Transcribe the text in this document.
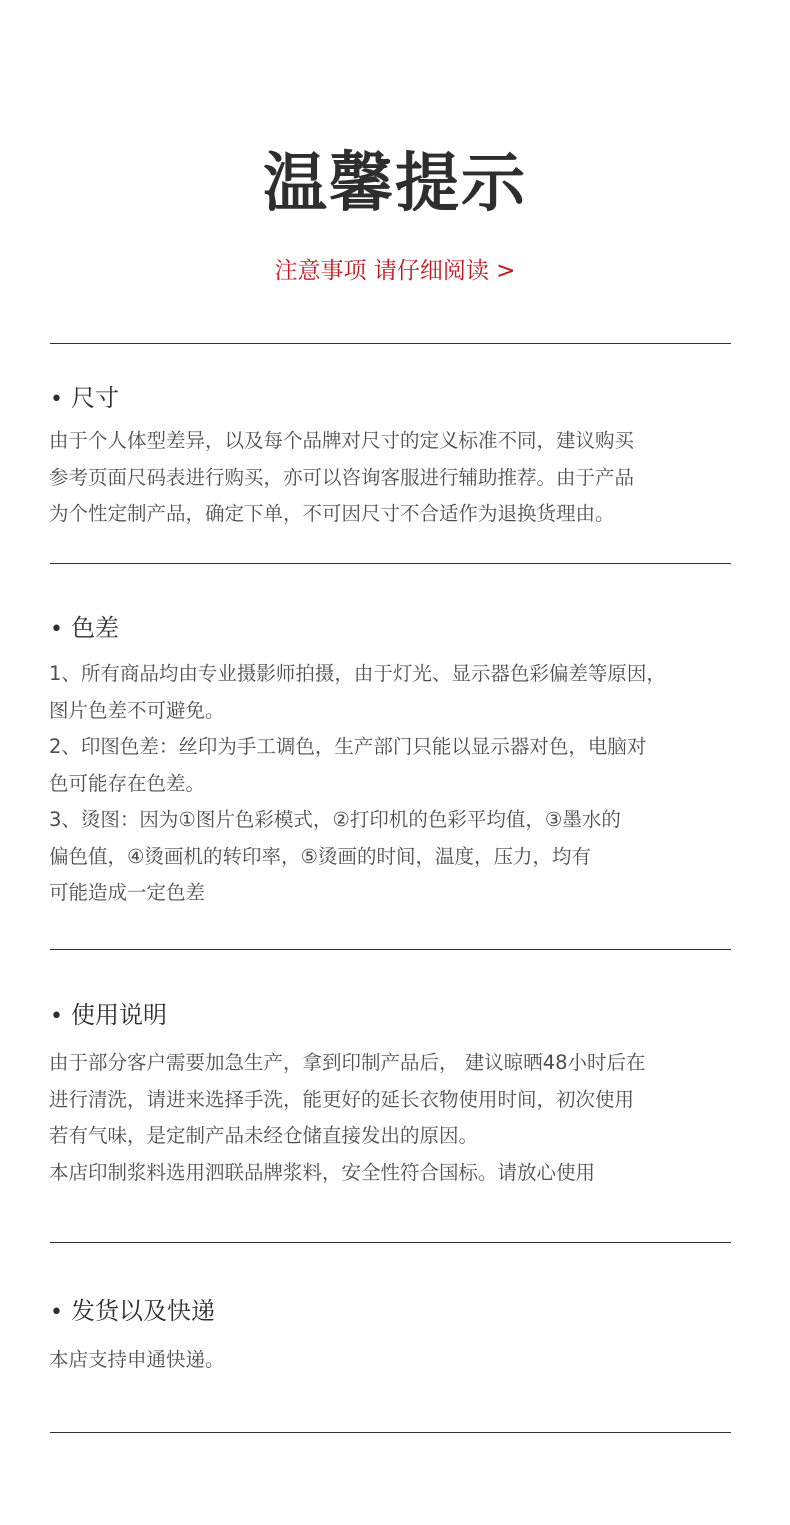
温馨提示
注意事项 请仔细阅读 >
• 尺寸
由于个人体型差异，以及每个品牌对尺寸的定义标准不同，建议购买
参考页面尺码表进行购买，亦可以咨询客服进行辅助推荐。由于产品
为个性定制产品，确定下单，不可因尺寸不合适作为退换货理由。
• 色差
1、所有商品均由专业摄影师拍摄，由于灯光、显示器色彩偏差等原因，
图片色差不可避免。
2、印图色差：丝印为手工调色，生产部门只能以显示器对色，电脑对
色可能存在色差。
3、烫图：因为①图片色彩模式，②打印机的色彩平均值，③墨水的
偏色值，④烫画机的转印率，⑤烫画的时间，温度，压力，均有
可能造成一定色差
• 使用说明
由于部分客户需要加急生产，拿到印制产品后， 建议晾晒48小时后在
进行清洗，请进来选择手洗，能更好的延长衣物使用时间，初次使用
若有气味，是定制产品未经仓储直接发出的原因。
本店印制浆料选用泗联品牌浆料，安全性符合国标。请放心使用
• 发货以及快递
本店支持申通快递。
